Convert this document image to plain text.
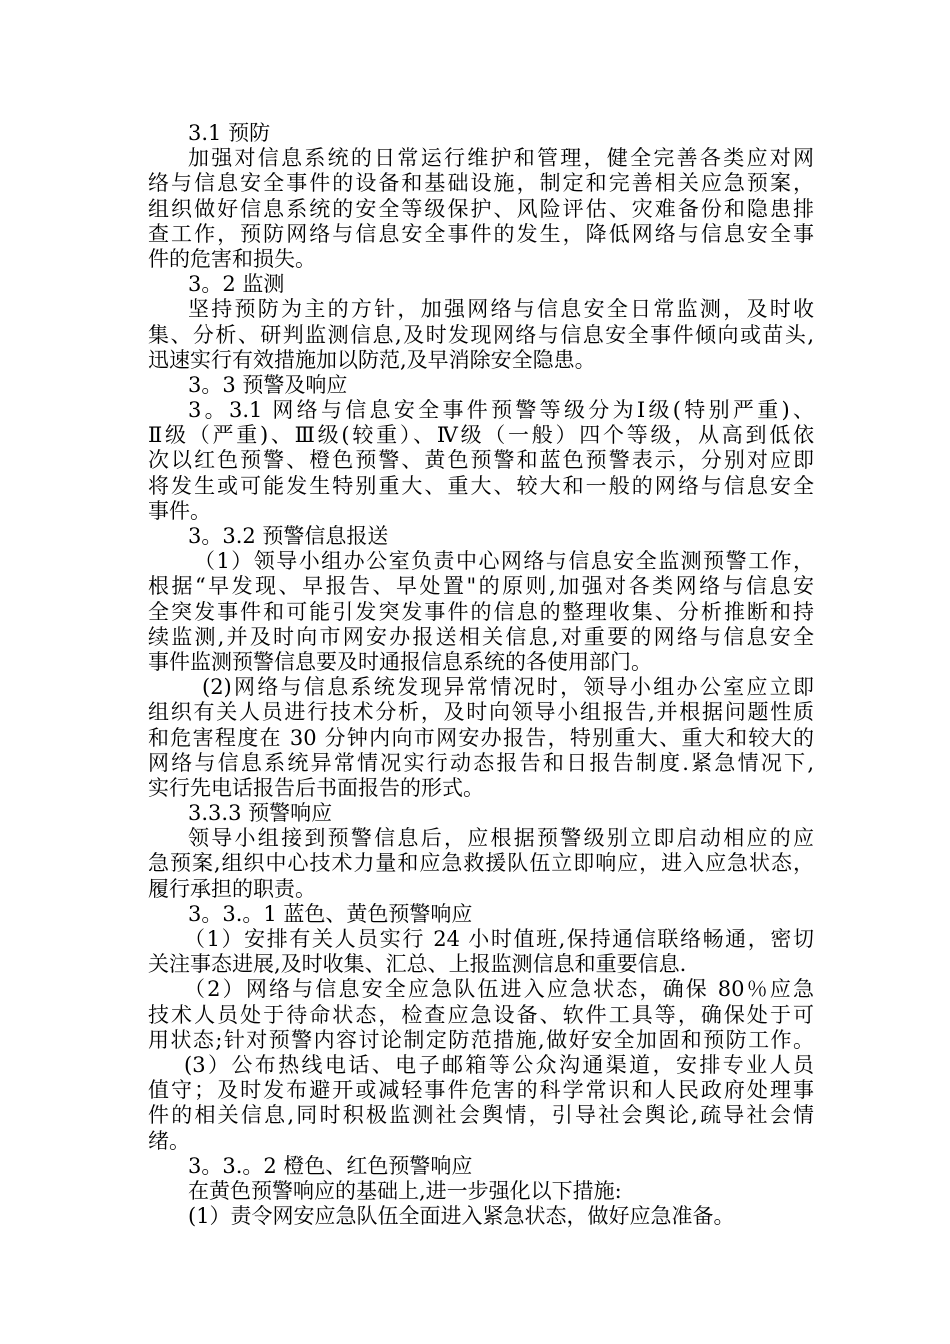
3.1 预防
加强对信息系统的日常运行维护和管理，健全完善各类应对网
络与信息安全事件的设备和基础设施，制定和完善相关应急预案，
组织做好信息系统的安全等级保护、风险评估、灾难备份和隐患排
查工作，预防网络与信息安全事件的发生，降低网络与信息安全事
件的危害和损失。
3。2 监测
坚持预防为主的方针，加强网络与信息安全日常监测，及时收
集、分析、研判监测信息,及时发现网络与信息安全事件倾向或苗头,
迅速实行有效措施加以防范,及早消除安全隐患。
3。3 预警及响应
3。3.1 网络与信息安全事件预警等级分为Ⅰ级(特别严重)、
Ⅱ级（严重)、Ⅲ级(较重）、Ⅳ级（一般）四个等级，从高到低依
次以红色预警、橙色预警、黄色预警和蓝色预警表示，分别对应即
将发生或可能发生特别重大、重大、较大和一般的网络与信息安全
事件。
3。3.2 预警信息报送
（1）领导小组办公室负责中心网络与信息安全监测预警工作，
根据“早发现、早报告、早处置"的原则,加强对各类网络与信息安
全突发事件和可能引发突发事件的信息的整理收集、分析推断和持
续监测,并及时向市网安办报送相关信息,对重要的网络与信息安全
事件监测预警信息要及时通报信息系统的各使用部门。
(2)网络与信息系统发现异常情况时，领导小组办公室应立即
组织有关人员进行技术分析，及时向领导小组报告,并根据问题性质
和危害程度在 30 分钟内向市网安办报告，特别重大、重大和较大的
网络与信息系统异常情况实行动态报告和日报告制度.紧急情况下,
实行先电话报告后书面报告的形式。
3.3.3 预警响应
领导小组接到预警信息后，应根据预警级别立即启动相应的应
急预案,组织中心技术力量和应急救援队伍立即响应，进入应急状态，
履行承担的职责。
3。3.。1 蓝色、黄色预警响应
（1）安排有关人员实行 24 小时值班,保持通信联络畅通，密切
关注事态进展,及时收集、汇总、上报监测信息和重要信息.
（2）网络与信息安全应急队伍进入应急状态，确保 80％应急
技术人员处于待命状态，检查应急设备、软件工具等，确保处于可
用状态;针对预警内容讨论制定防范措施,做好安全加固和预防工作。
(3）公布热线电话、电子邮箱等公众沟通渠道，安排专业人员
值守；及时发布避开或减轻事件危害的科学常识和人民政府处理事
件的相关信息,同时积极监测社会舆情，引导社会舆论,疏导社会情
绪。
3。3.。2 橙色、红色预警响应
在黄色预警响应的基础上,进一步强化以下措施:
(1）责令网安应急队伍全面进入紧急状态，做好应急准备。
